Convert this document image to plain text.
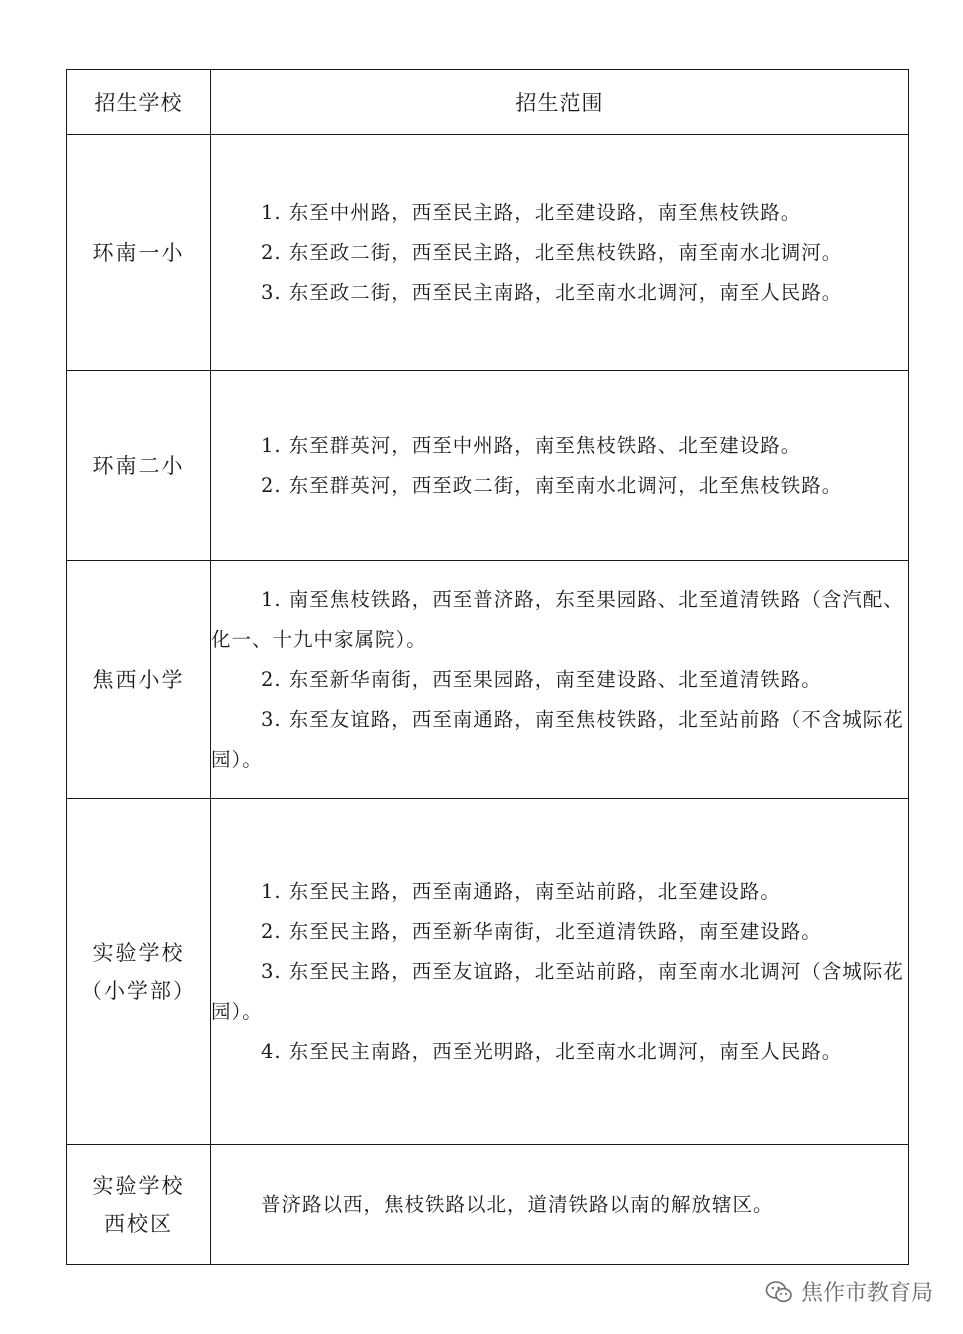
招生学校	招生范围

环南一小	1. 东至中州路，西至民主路，北至建设路，南至焦枝铁路。
2. 东至政二街，西至民主路，北至焦枝铁路，南至南水北调河。
3. 东至政二街，西至民主南路，北至南水北调河，南至人民路。

环南二小	1. 东至群英河，西至中州路，南至焦枝铁路、北至建设路。
2. 东至群英河，西至政二街，南至南水北调河，北至焦枝铁路。

焦西小学	1. 南至焦枝铁路，西至普济路，东至果园路、北至道清铁路（含汽配、化一、十九中家属院）。
2. 东至新华南街，西至果园路，南至建设路、北至道清铁路。
3. 东至友谊路，西至南通路，南至焦枝铁路，北至站前路（不含城际花园）。

实验学校
（小学部）	1. 东至民主路，西至南通路，南至站前路，北至建设路。
2. 东至民主路，西至新华南街，北至道清铁路，南至建设路。
3. 东至民主路，西至友谊路，北至站前路，南至南水北调河（含城际花园）。
4. 东至民主南路，西至光明路，北至南水北调河，南至人民路。

实验学校
西校区	普济路以西，焦枝铁路以北，道清铁路以南的解放辖区。
焦作市教育局
